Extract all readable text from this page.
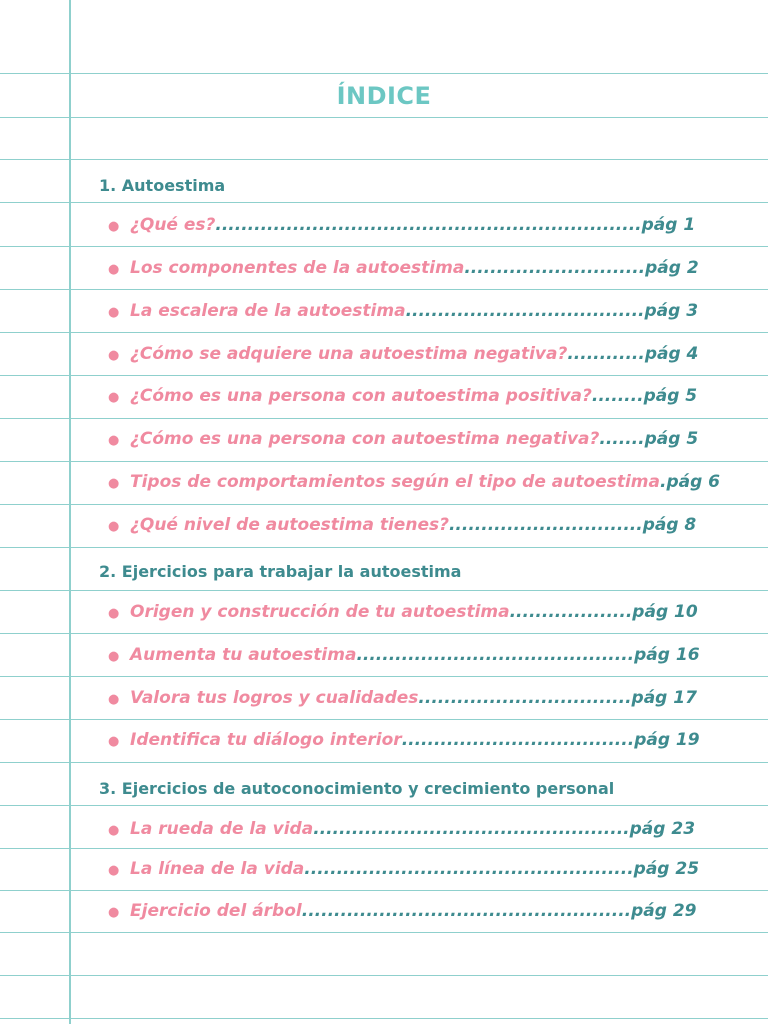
ÍNDICE
1. Autoestima
● ¿Qué es? .................................................................. pág 1
● Los componentes de la autoestima ............................ pág 2
● La escalera de la autoestima ..................................... pág 3
● ¿Cómo se adquiere una autoestima negativa? ............ pág 4
● ¿Cómo es una persona con autoestima positiva? ........ pág 5
● ¿Cómo es una persona con autoestima negativa? ....... pág 5
● Tipos de comportamientos según el tipo de autoestima . pág 6
● ¿Qué nivel de autoestima tienes? .............................. pág 8
2. Ejercicios para trabajar la autoestima
● Origen y construcción de tu autoestima ................... pág 10
● Aumenta tu autoestima ........................................... pág 16
● Valora tus logros y cualidades ................................. pág 17
● Identifica tu diálogo interior .................................... pág 19
3. Ejercicios de autoconocimiento y crecimiento personal
● La rueda de la vida ................................................. pág 23
● La línea de la vida ................................................... pág 25
● Ejercicio del árbol ................................................... pág 29
